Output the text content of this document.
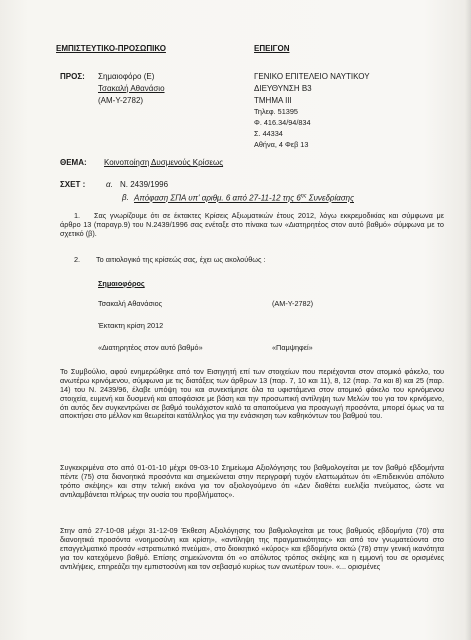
ΕΜΠΙΣΤΕΥΤΙΚΟ-ΠΡΟΣΩΠΙΚΟ	ΕΠΕΙΓΟΝ
ΠΡΟΣ: Σημαιοφόρο (Ε)
Τσακαλή Αθανάσιο
(ΑΜ-Υ-2782)
ΓΕΝΙΚΟ ΕΠΙΤΕΛΕΙΟ ΝΑΥΤΙΚΟΥ
ΔΙΕΥΘΥΝΣΗ Β3
ΤΜΗΜΑ ΙΙΙ
Τηλεφ. 51395
Φ. 416.34/94/834
Σ. 44334
Αθήνα, 4 Φεβ 13
ΘΕΜΑ: Κοινοποίηση Δυσμενούς Κρίσεως
ΣΧΕΤ :	α. Ν. 2439/1996
β. Απόφαση ΣΠΑ υπ' αριθμ. 6 από 27-11-12 της $6^{\eta\varsigma}$ Συνεδρίασης
1.	Σας γνωρίζουμε ότι σε έκτακτες Κρίσεις Αξιωματικών έτους 2012, λόγω εκκρεμοδικίας και σύμφωνα με άρθρο 13 (παραγρ.9) του Ν.2439/1996 σας ενέταξε στο πίνακα των «Διατηρητέος στον αυτό βαθμό» σύμφωνα με το σχετικό (β).
2. Το αιτιολογικό της κρίσεώς σας, έχει ως ακολούθως :
Σημαιοφόρος
Τσακαλή Αθανάσιος	(ΑΜ-Υ-2782)
Έκτακτη κρίση 2012
«Διατηρητέος στον αυτό βαθμό»	«Παμψηφεί»
Το Συμβούλιο, αφού ενημερώθηκε από τον Εισηγητή επί των στοιχείων που περιέχονται στον ατομικό φάκελο, του ανωτέρω κρινόμενου, σύμφωνα με τις διατάξεις των άρθρων 13 (παρ. 7, 10 και 11), 8, 12 (παρ. 7α και 8) και 25 (παρ. 14) του Ν. 2439/96, έλαβε υπόψη του και συνεκτίμησε όλα τα υφιστάμενα στον ατομικό φάκελο του κρινόμενου στοιχεία, ευμενή και δυσμενή και αποφάσισε με βάση και την προσωπική αντίληψη των Μελών του για τον κρινόμενο, ότι αυτός δεν συγκεντρώνει σε βαθμό τουλάχιστον καλό τα απαιτούμενα για προαγωγή προσόντα, μπορεί όμως να τα αποκτήσει στο μέλλον και θεωρείται κατάλληλος για την ενάσκηση των καθηκόντων του βαθμού του.
Συγκεκριμένα στο από 01-01-10 μέχρι 09-03-10 Σημείωμα Αξιολόγησης του βαθμολογείται με τον βαθμό εβδομήντα πέντε (75) στα διανοητικά προσόντα και σημειώνεται στην περιγραφή τυχόν ελαττωμάτων ότι «Επιδεικνύει απόλυτο τρόπο σκέψης» και στην τελική εικόνα για τον αξιολογούμενο ότι «Δεν διαθέτει ευελιξία πνεύματος, ώστε να αντιλαμβάνεται πλήρως την ουσία του προβλήματος».
Στην από 27-10-08 μέχρι 31-12-09 Έκθεση Αξιολόγησης του βαθμολογείται με τους βαθμούς εβδομήντα (70) στα διανοητικά προσόντα «νοημοσύνη και κρίση», «αντίληψη της πραγματικότητας» και από τον γνωματεύοντα στο επαγγελματικό προσόν «στρατιωτικό πνεύμα», στο διοικητικό «κύρος» και εβδομήντα οκτώ (78) στην γενική ικανότητα για τον κατεχόμενο βαθμό. Επίσης σημειώνονται ότι «ο απόλυτος τρόπος σκέψης και η εμμονή του σε ορισμένες αντιλήψεις, επηρεάζει την εμπιστοσύνη και τον σεβασμό κυρίως των ανωτέρων του». «... ορισμένες
